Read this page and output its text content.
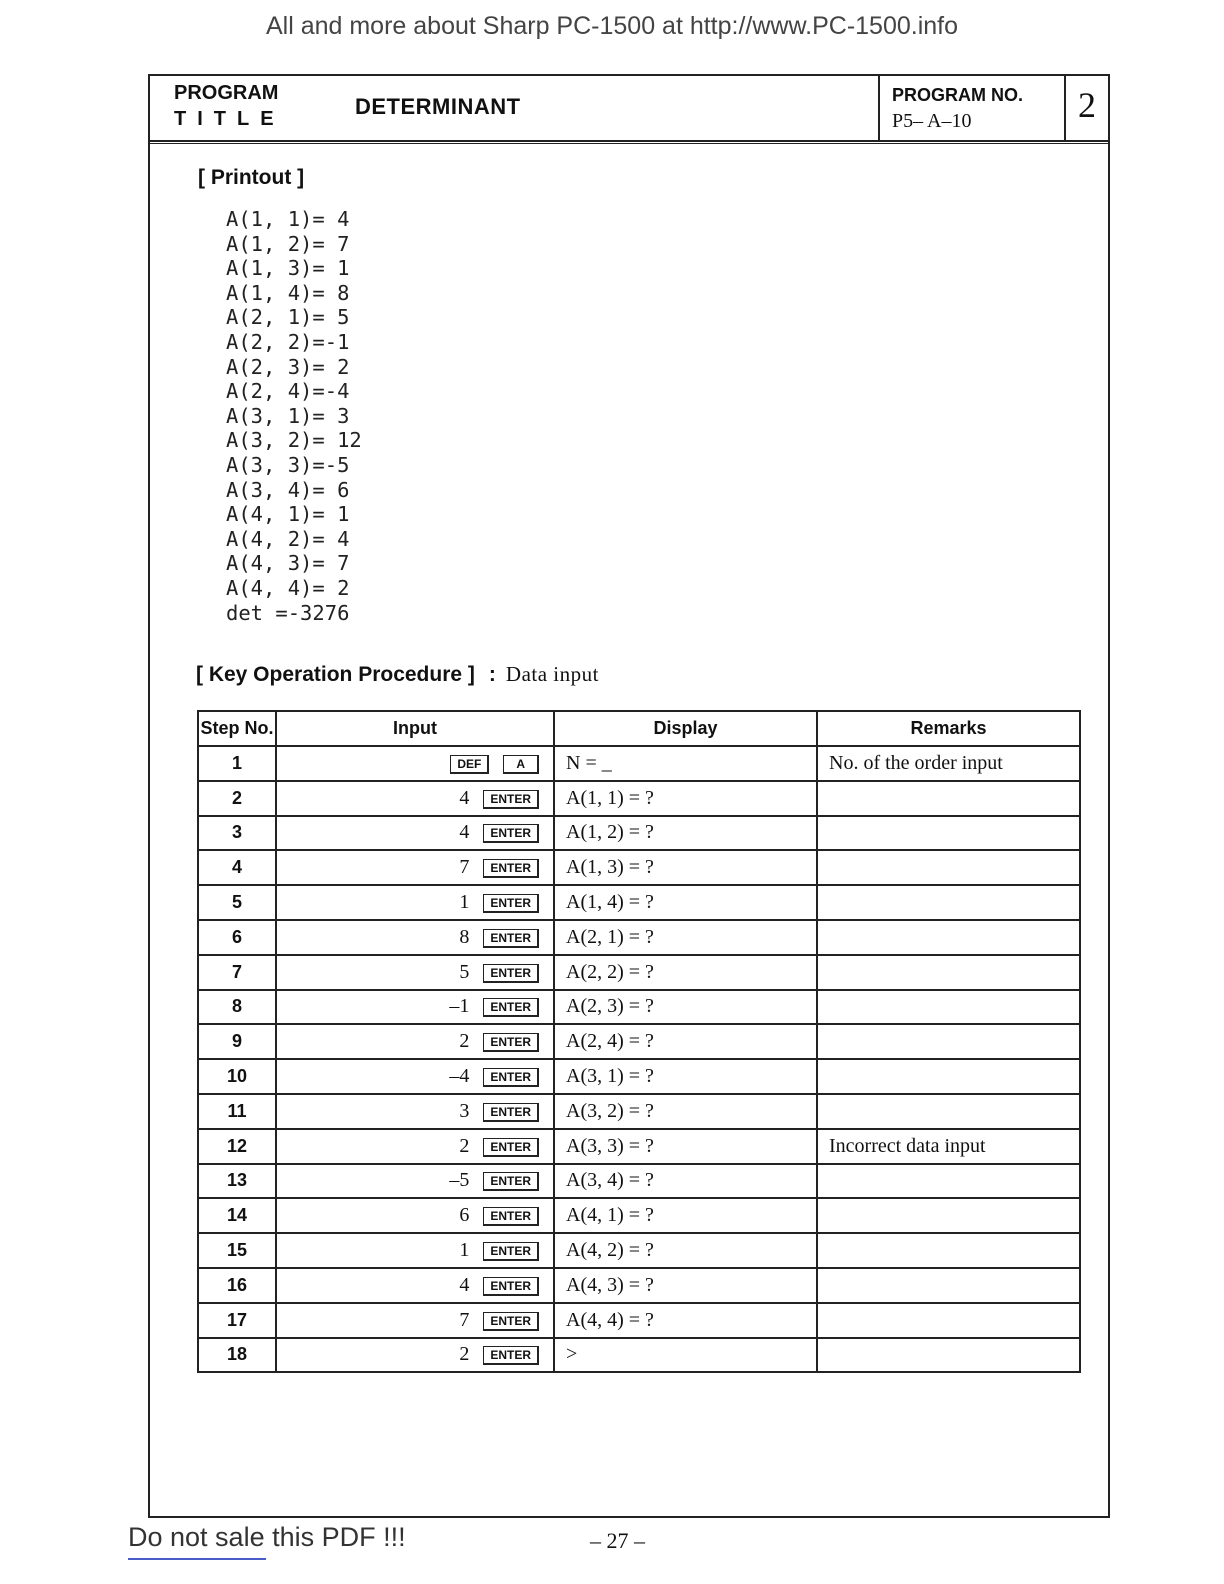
All and more about Sharp PC-1500 at http://www.PC-1500.info
PROGRAM
TITLE	DETERMINANT	PROGRAM NO.
P5– A–10	2
[ Printout ]
A(1, 1)= 4
A(1, 2)= 7
A(1, 3)= 1
A(1, 4)= 8
A(2, 1)= 5
A(2, 2)=-1
A(2, 3)= 2
A(2, 4)=-4
A(3, 1)= 3
A(3, 2)= 12
A(3, 3)=-5
A(3, 4)= 6
A(4, 1)= 1
A(4, 2)= 4
A(4, 3)= 7
A(4, 4)= 2
det =-3276
[ Key Operation Procedure ] : Data input
Step No.	Input	Display	Remarks
1	DEF A	N = _	No. of the order input
2	4 ENTER	A(1, 1) = ?	
3	4 ENTER	A(1, 2) = ?	
4	7 ENTER	A(1, 3) = ?	
5	1 ENTER	A(1, 4) = ?	
6	8 ENTER	A(2, 1) = ?	
7	5 ENTER	A(2, 2) = ?	
8	–1 ENTER	A(2, 3) = ?	
9	2 ENTER	A(2, 4) = ?	
10	–4 ENTER	A(3, 1) = ?	
11	3 ENTER	A(3, 2) = ?	
12	2 ENTER	A(3, 3) = ?	Incorrect data input
13	–5 ENTER	A(3, 4) = ?	
14	6 ENTER	A(4, 1) = ?	
15	1 ENTER	A(4, 2) = ?	
16	4 ENTER	A(4, 3) = ?	
17	7 ENTER	A(4, 4) = ?	
18	2 ENTER	>	
Do not sale this PDF !!!	– 27 –
